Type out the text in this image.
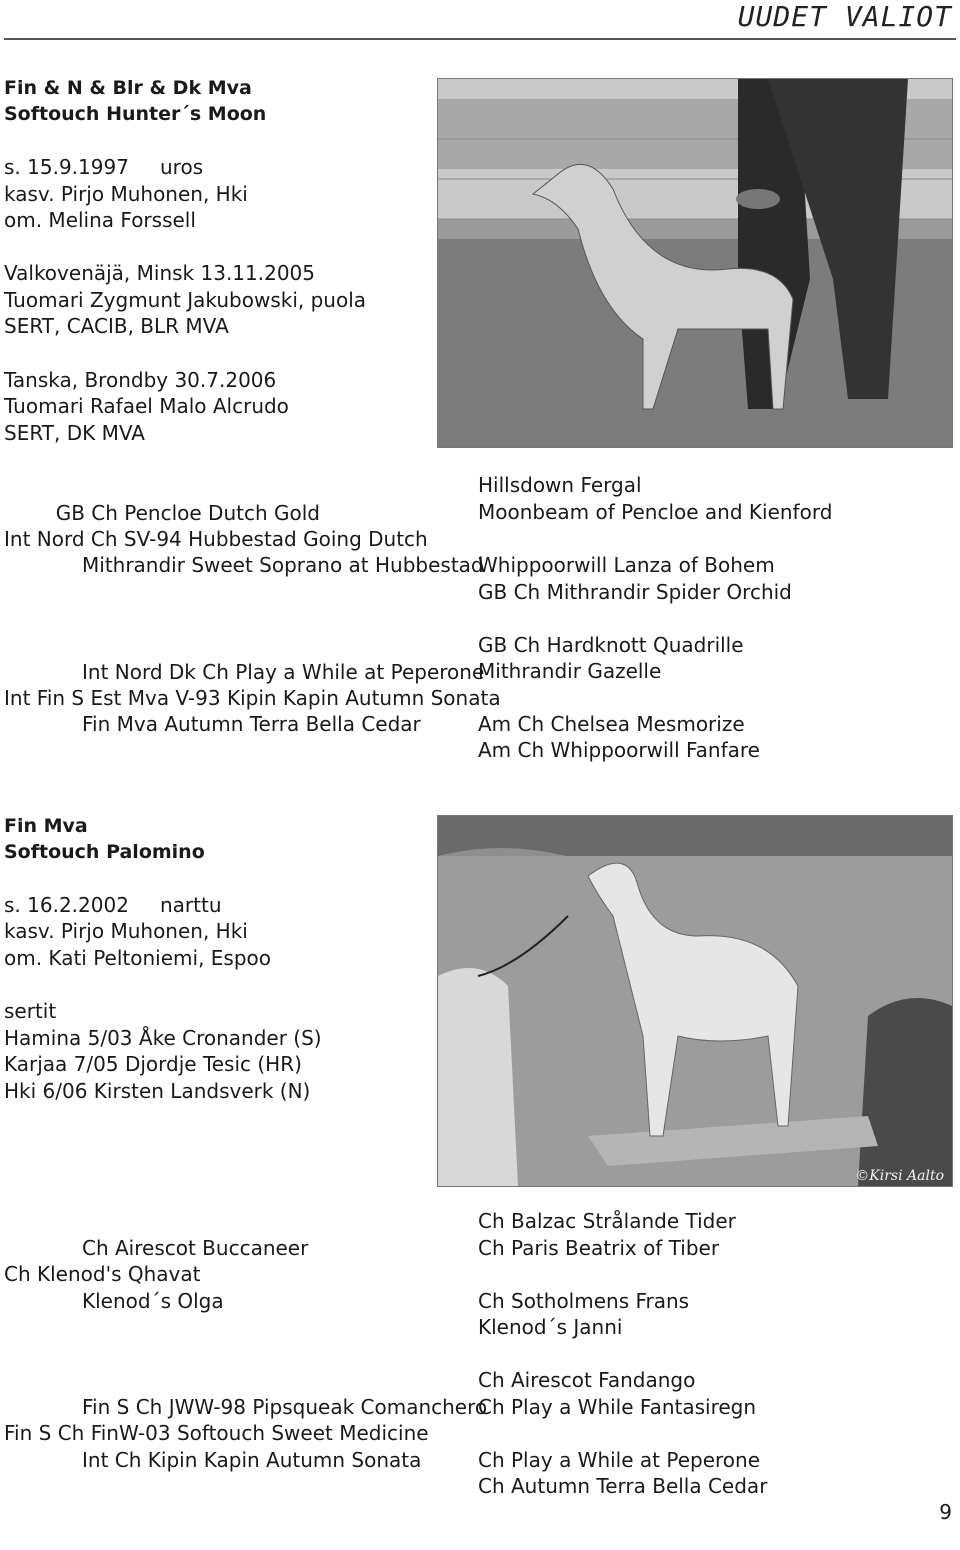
UUDET VALIOT
Fin & N & Blr & Dk Mva
Softouch Hunter´s Moon
s. 15.9.1997 uros
kasv. Pirjo Muhonen, Hki
om. Melina Forssell
Valkovenäjä, Minsk 13.11.2005
Tuomari Zygmunt Jakubowski, puola
SERT, CACIB, BLR MVA
Tanska, Brondby 30.7.2006
Tuomari Rafael Malo Alcrudo
SERT, DK MVA
GB Ch Pencloe Dutch Gold
Int Nord Ch SV-94 Hubbestad Going Dutch
Mithrandir Sweet Soprano at Hubbestad
Int Nord Dk Ch Play a While at Peperone
Int Fin S Est Mva V-93 Kipin Kapin Autumn Sonata
Fin Mva Autumn Terra Bella Cedar
Hillsdown Fergal
Moonbeam of Pencloe and Kienford
Whippoorwill Lanza of Bohem
GB Ch Mithrandir Spider Orchid
GB Ch Hardknott Quadrille
Mithrandir Gazelle
Am Ch Chelsea Mesmorize
Am Ch Whippoorwill Fanfare
Fin Mva
Softouch Palomino
s. 16.2.2002 narttu
kasv. Pirjo Muhonen, Hki
om. Kati Peltoniemi, Espoo
sertit
Hamina 5/03 Åke Cronander (S)
Karjaa 7/05 Djordje Tesic (HR)
Hki 6/06 Kirsten Landsverk (N)
©Kirsi Aalto
Ch Airescot Buccaneer
Ch Klenod's Qhavat
Klenod´s Olga
Fin S Ch JWW-98 Pipsqueak Comanchero
Fin S Ch FinW-03 Softouch Sweet Medicine
Int Ch Kipin Kapin Autumn Sonata
Ch Balzac Strålande Tider
Ch Paris Beatrix of Tiber
Ch Sotholmens Frans
Klenod´s Janni
Ch Airescot Fandango
Ch Play a While Fantasiregn
Ch Play a While at Peperone
Ch Autumn Terra Bella Cedar
9
